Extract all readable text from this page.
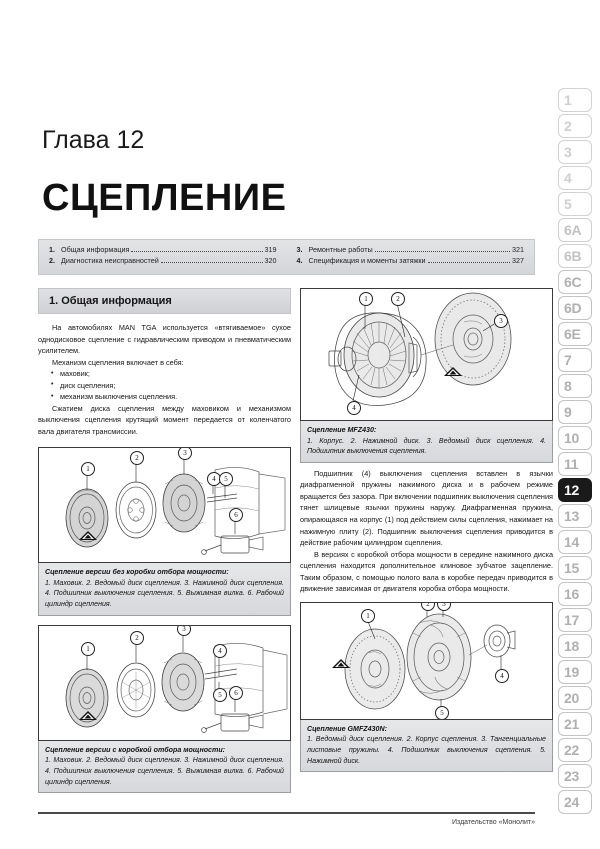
1
2
3
4
5
6A
6B
6C
6D
6E
7
8
9
10
11
12
13
14
15
16
17
18
19
20
21
22
23
24
Глава 12
СЦЕПЛЕНИЕ
1. Общая информация	319
2. Диагностика неисправностей	320
3. Ремонтные работы	321
4. Спецификация и моменты затяжки	327
1. Общая информация

На автомобилях MAN TGA используется «втягиваемое» сухое однодисковое сцепление с гидравлическим приводом и пневматическим усилителем.

Механизм сцепления включает в себя:

• маховик;
• диск сцепления;
• механизм выключения сцепления.

Сжатием диска сцепления между маховиком и механизмом выключения сцепления крутящий момент передается от коленчатого вала двигателя трансмиссии.

1
2
3
4	5
6
Сцепление версии без коробки отбора мощности:
1. Маховик. 2. Ведомый диск сцепления. 3. Нажимной диск сцепления. 4. Подшипник выключения сцепления. 5. Выжимная вилка. 6. Рабочий цилиндр сцепления.
1
2
3
4
5	6
Сцепление версии с коробкой отбора мощности:
1. Маховик. 2. Ведомый диск сцепления. 3. Нажимной диск сцепления. 4. Подшипник выключения сцепления. 5. Выжимная вилка. 6. Рабочий цилиндр сцепления.
1	2
3
4
Сцепление MFZ430:
1. Корпус. 2. Нажимной диск. 3. Ведомый диск сцепления. 4. Подшипник выключения сцепления.

Подшипник (4) выключения сцепления вставлен в язычки диафрагменной пружины нажимного диска и в рабочем режиме вращается без зазора. При включении подшипник выключения сцепления тянет шлицевые язычки пружины наружу. Диафрагменная пружина, опирающаяся на корпус (1) под действием силы сцепления, нажимает на нажимную плиту (2). Подшипник выключения сцепления приводится в действие рабочим цилиндром сцепления.

В версиях с коробкой отбора мощности в середине нажимного диска сцепления находится дополнительное клиновое зубчатое зацепление. Таким образом, с помощью полого вала в коробке передач приводится в движение зависимая от двигателя коробка отбора мощности.

1
2	3
4
5
Сцепление GMFZ430N:
1. Ведомый диск сцепления. 2. Корпус сцепления. 3. Тангенциальные листовые пружины. 4. Подшипник выключения сцепления. 5. Нажимной диск.
Издательство «Монолит»
